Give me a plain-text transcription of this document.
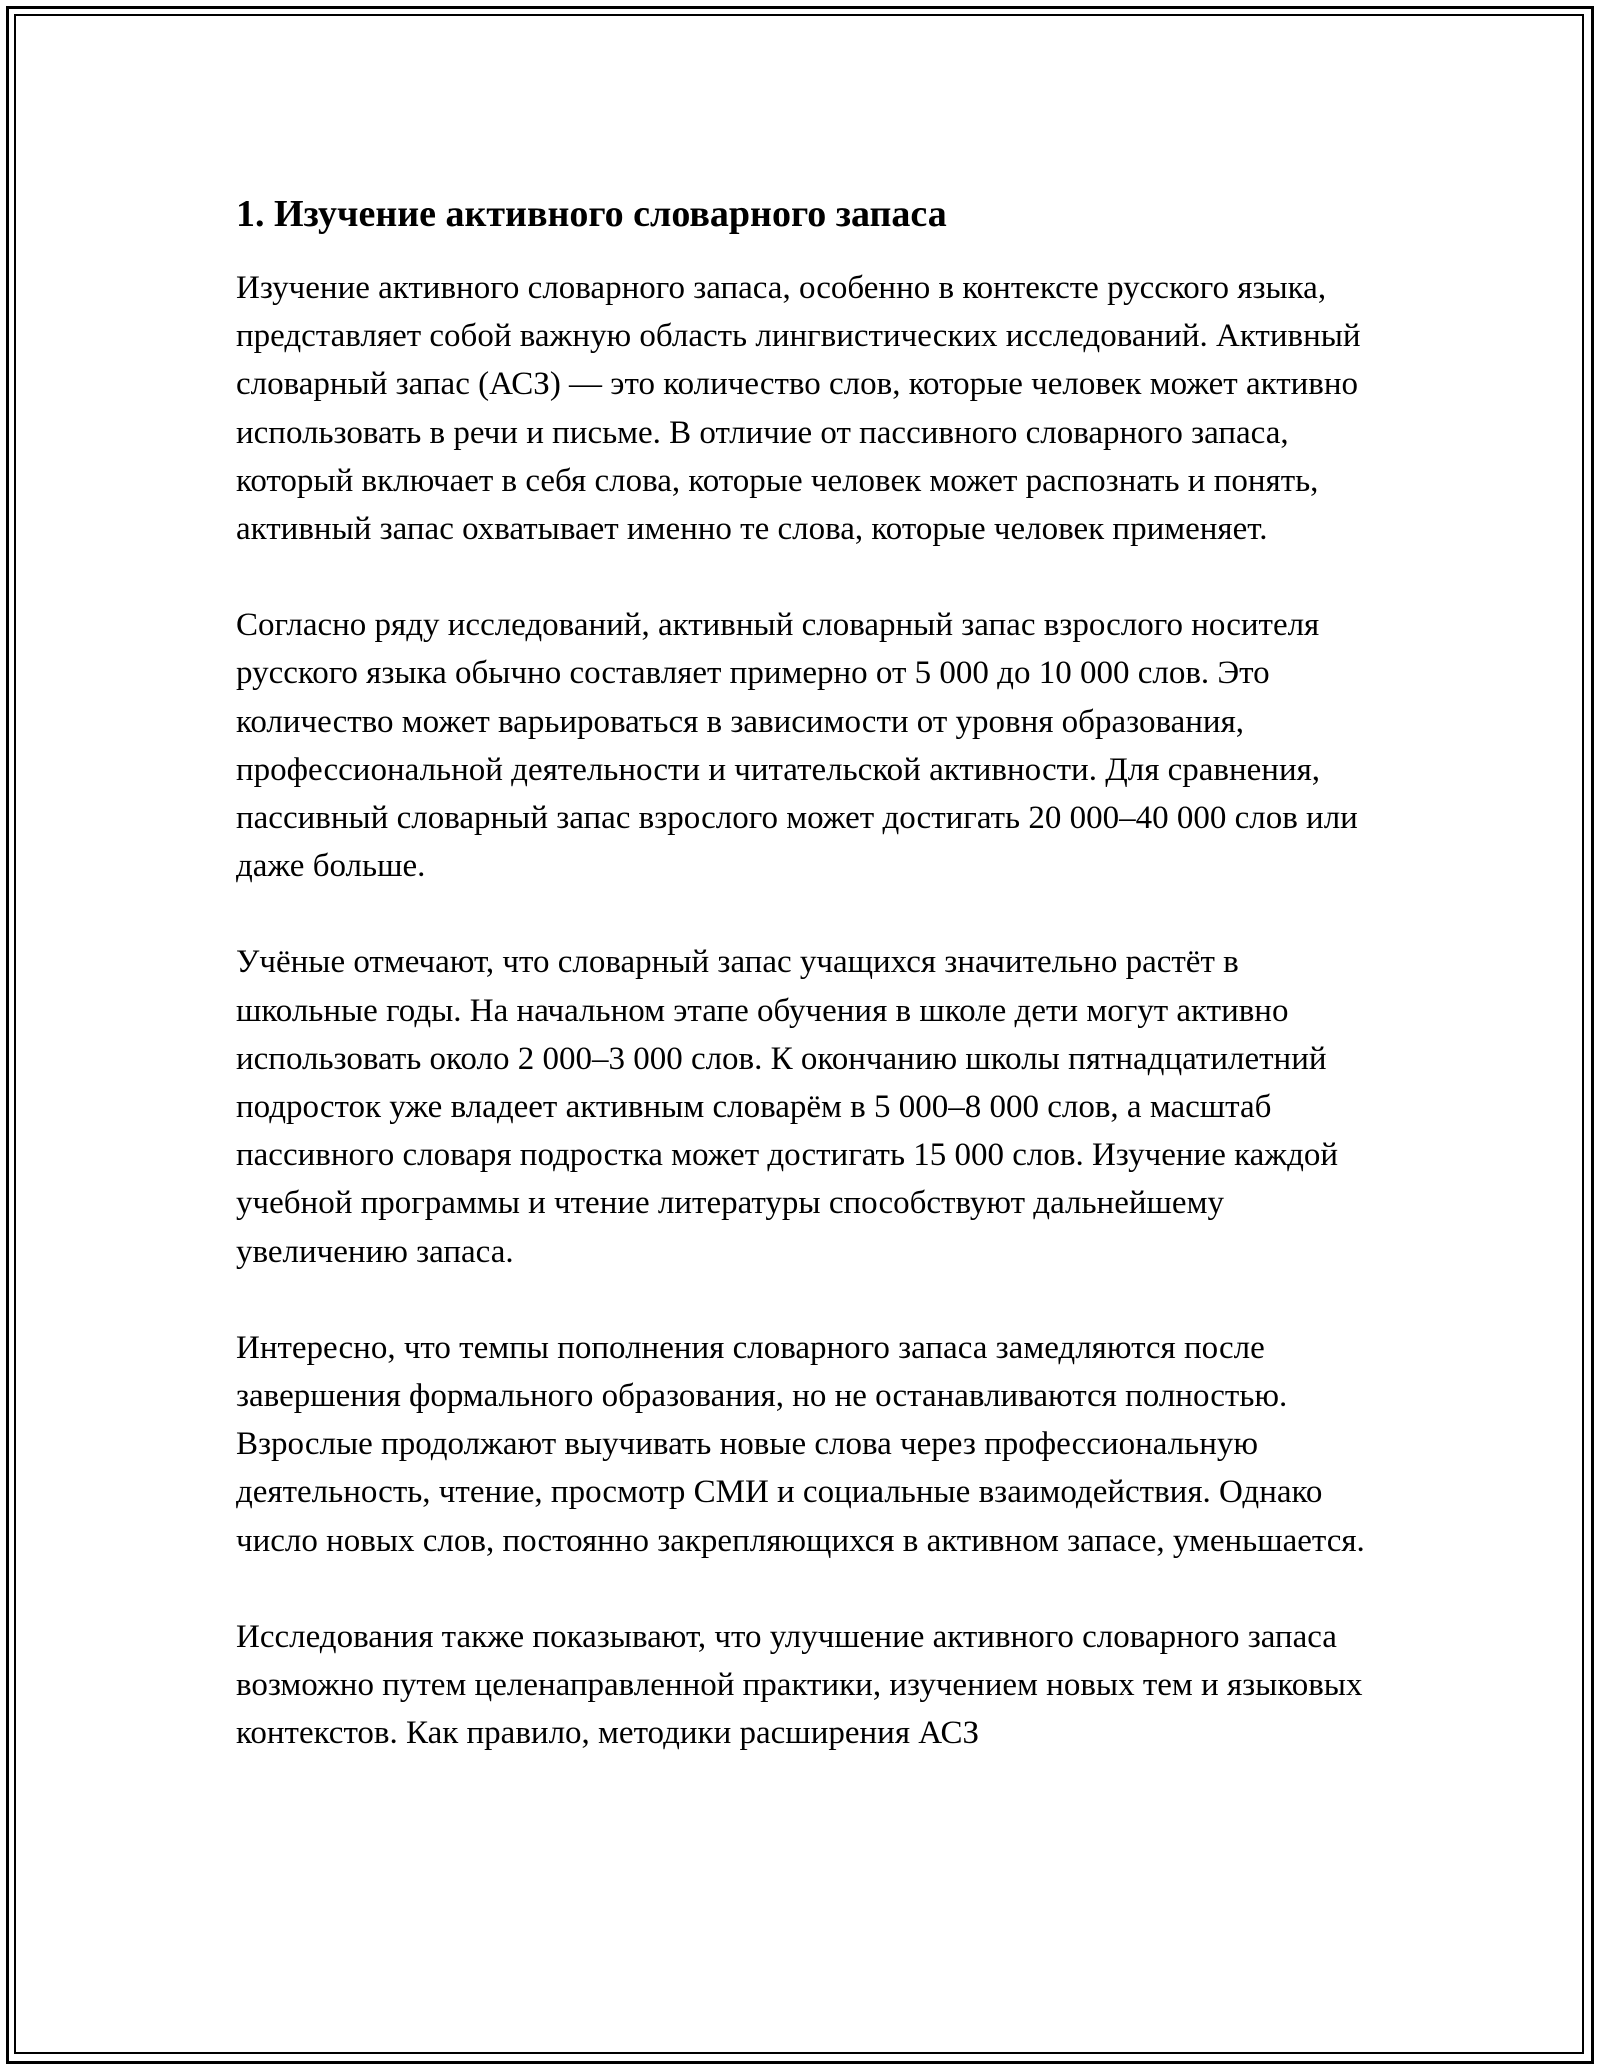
1. Изучение активного словарного запаса

Изучение активного словарного запаса, особенно в контексте русского языка, представляет собой важную область лингвистических исследований. Активный словарный запас (АСЗ) — это количество слов, которые человек может активно использовать в речи и письме. В отличие от пассивного словарного запаса, который включает в себя слова, которые человек может распознать и понять, активный запас охватывает именно те слова, которые человек применяет.

Согласно ряду исследований, активный словарный запас взрослого носителя русского языка обычно составляет примерно от 5 000 до 10 000 слов. Это количество может варьироваться в зависимости от уровня образования, профессиональной деятельности и читательской активности. Для сравнения, пассивный словарный запас взрослого может достигать 20 000–40 000 слов или даже больше.

Учёные отмечают, что словарный запас учащихся значительно растёт в школьные годы. На начальном этапе обучения в школе дети могут активно использовать около 2 000–3 000 слов. К окончанию школы пятнадцатилетний подросток уже владеет активным словарём в 5 000–8 000 слов, а масштаб пассивного словаря подростка может достигать 15 000 слов. Изучение каждой учебной программы и чтение литературы способствуют дальнейшему увеличению запаса.

Интересно, что темпы пополнения словарного запаса замедляются после завершения формального образования, но не останавливаются полностью. Взрослые продолжают выучивать новые слова через профессиональную деятельность, чтение, просмотр СМИ и социальные взаимодействия. Однако число новых слов, постоянно закрепляющихся в активном запасе, уменьшается.

Исследования также показывают, что улучшение активного словарного запаса возможно путем целенаправленной практики, изучением новых тем и языковых контекстов. Как правило, методики расширения АСЗ
